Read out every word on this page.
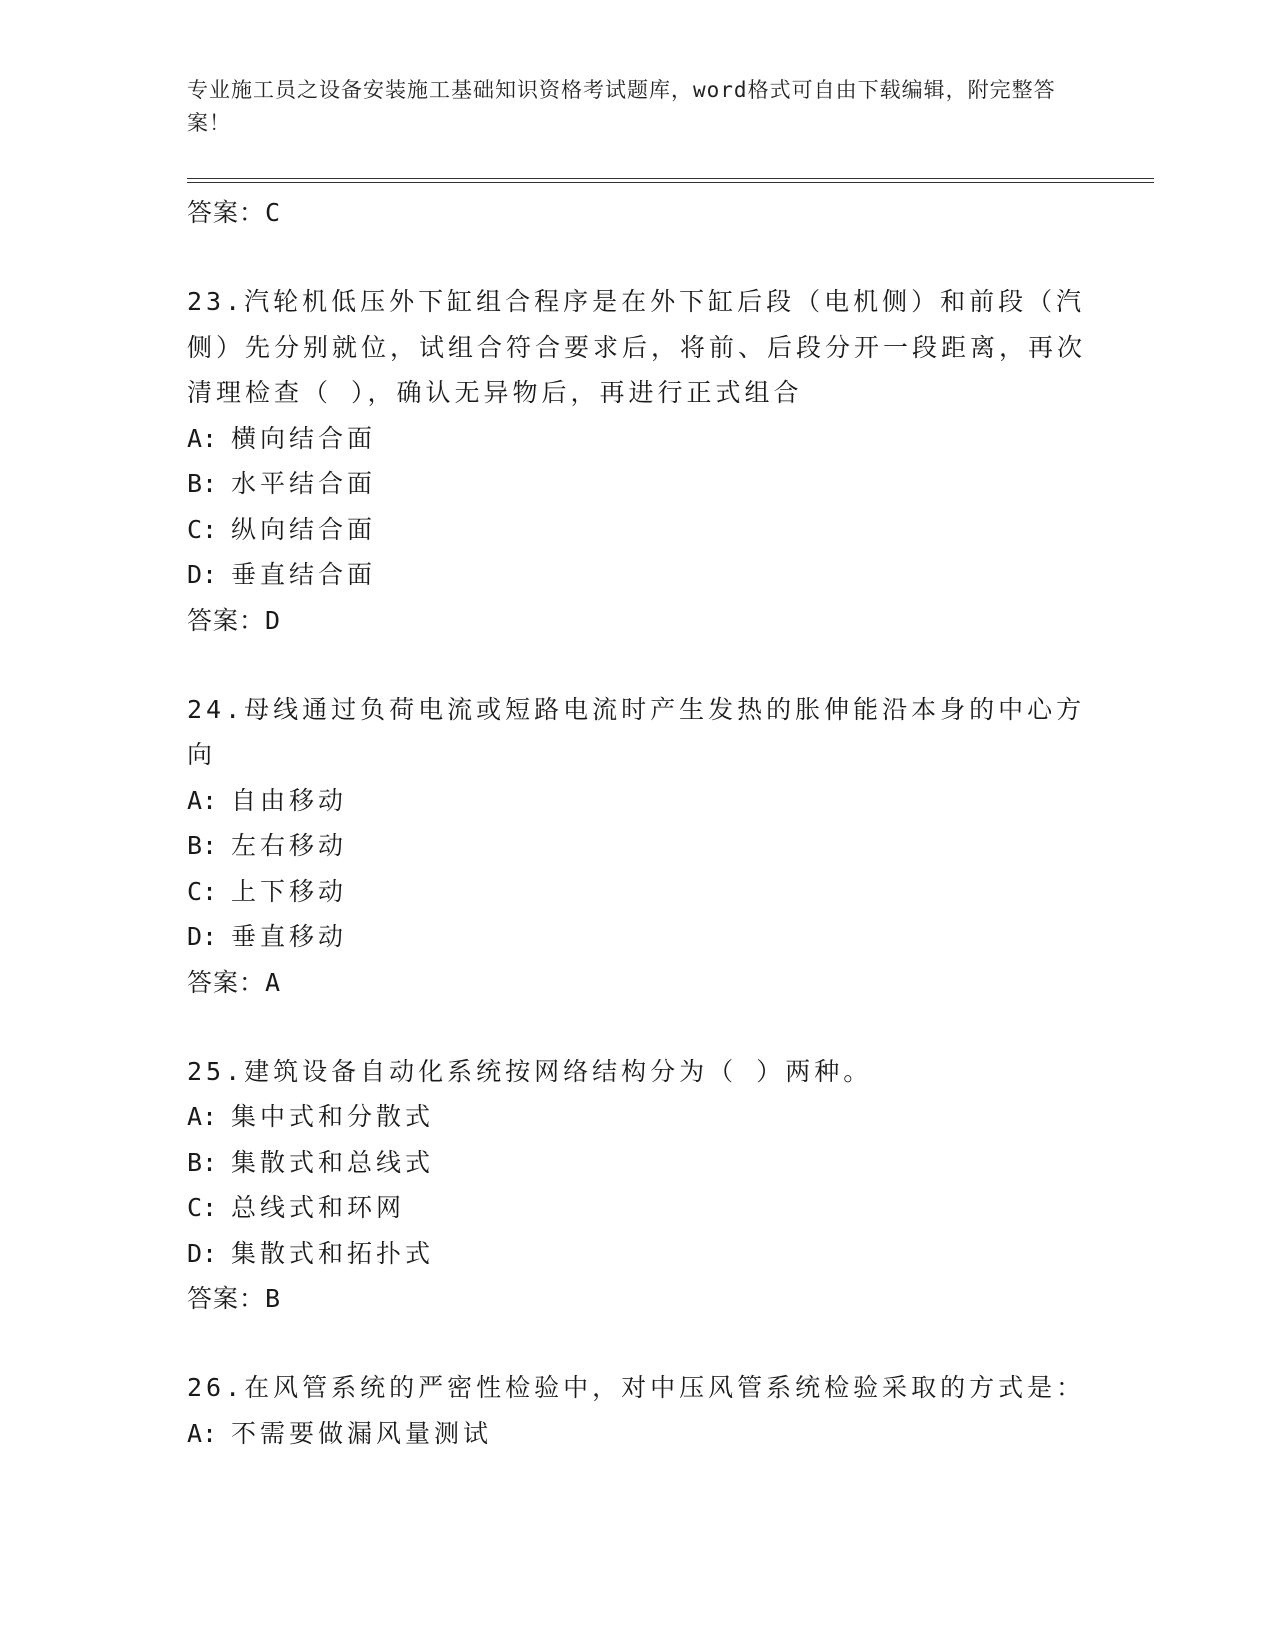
专业施工员之设备安装施工基础知识资格考试题库，word格式可自由下载编辑，附完整答案！
答案：C
23.汽轮机低压外下缸组合程序是在外下缸后段（电机侧）和前段（汽侧）先分别就位，试组合符合要求后，将前、后段分开一段距离，再次清理检查（ ），确认无异物后，再进行正式组合
A: 横向结合面
B: 水平结合面
C: 纵向结合面
D: 垂直结合面
答案：D
24.母线通过负荷电流或短路电流时产生发热的胀伸能沿本身的中心方向
A: 自由移动
B: 左右移动
C: 上下移动
D: 垂直移动
答案：A
25.建筑设备自动化系统按网络结构分为（ ）两种。
A: 集中式和分散式
B: 集散式和总线式
C: 总线式和环网
D: 集散式和拓扑式
答案：B
26.在风管系统的严密性检验中，对中压风管系统检验采取的方式是：
A: 不需要做漏风量测试
